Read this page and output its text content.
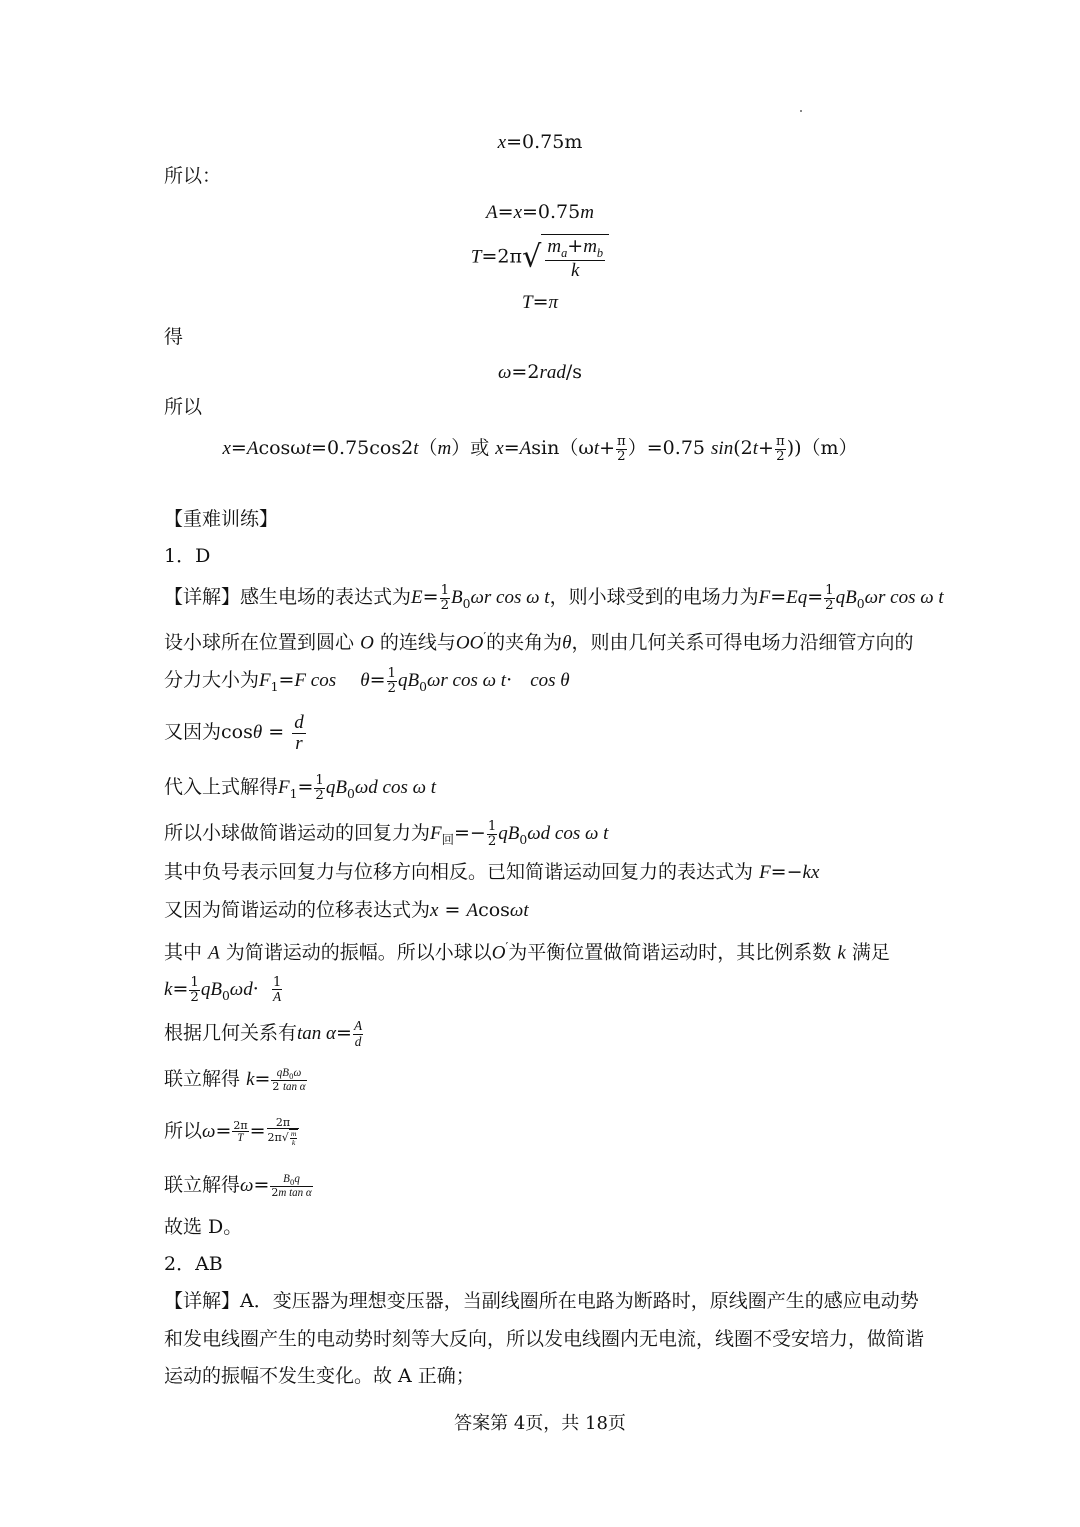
x=0.75m
所以：
A=x=0.75m
$T=2\pi√ \frac{m_a+m_b}{k}$
T=π
得
ω=2rad/s
所以
x=Acosωt=0.75cos2t（m）或 $x=Asin(\omega t+ \frac{\pi}{2} )=0.75$ $\sin(2t+ \frac{\pi}{2} ))(m)$
【重难训练】
1．D
【详解】感生电场的表达式为$E= \frac{1}{2} B_0\omega r$ cos ω t，则小球受到的电场力为$F=Eq= \frac{1}{2} qB_0\omega r$ cos ω t
设小球所在位置到圆心 O 的连线与OO′的夹角为θ，则由几何关系可得电场力沿细管方向的
分力大小为$F_1=F$ $\cos \theta= \frac{1}{2} qB_0\omega r$ cos ω t·   cos θ
又因为$\cos\theta = \frac{d}{r}$
代入上式解得$F_1= \frac{1}{2} qB_0\omega d$ cos ω t
所以小球做简谐运动的回复力为$F_回=- \frac{1}{2} qB_0\omega d$ cos ω t
其中负号表示回复力与位移方向相反。已知简谐运动回复力的表达式为 F=−kx
又因为简谐运动的位移表达式为x = Acosωt
其中 A 为简谐运动的振幅。所以小球以O′为平衡位置做简谐运动时，其比例系数 k 满足
$k= \frac{1}{2} qB_0\omega d\cdot \frac{1}{A}$
根据几何关系有$\tan \alpha= \frac{A}{d}$
联立解得 $k= \frac{qB_0\omega}{\text{2 tan α}}$
所以$\omega= \frac{2\pi}{T} = \frac{2\pi}{2\pi√ \frac{m}{k}}$
联立解得$\omega= \frac{B_0q}{\text{2m tan α}}$
故选 D。
2．AB
【详解】A．变压器为理想变压器，当副线圈所在电路为断路时，原线圈产生的感应电动势
和发电线圈产生的电动势时刻等大反向，所以发电线圈内无电流，线圈不受安培力，做简谐
运动的振幅不发生变化。故 A 正确；
答案第 4页，共 18页
